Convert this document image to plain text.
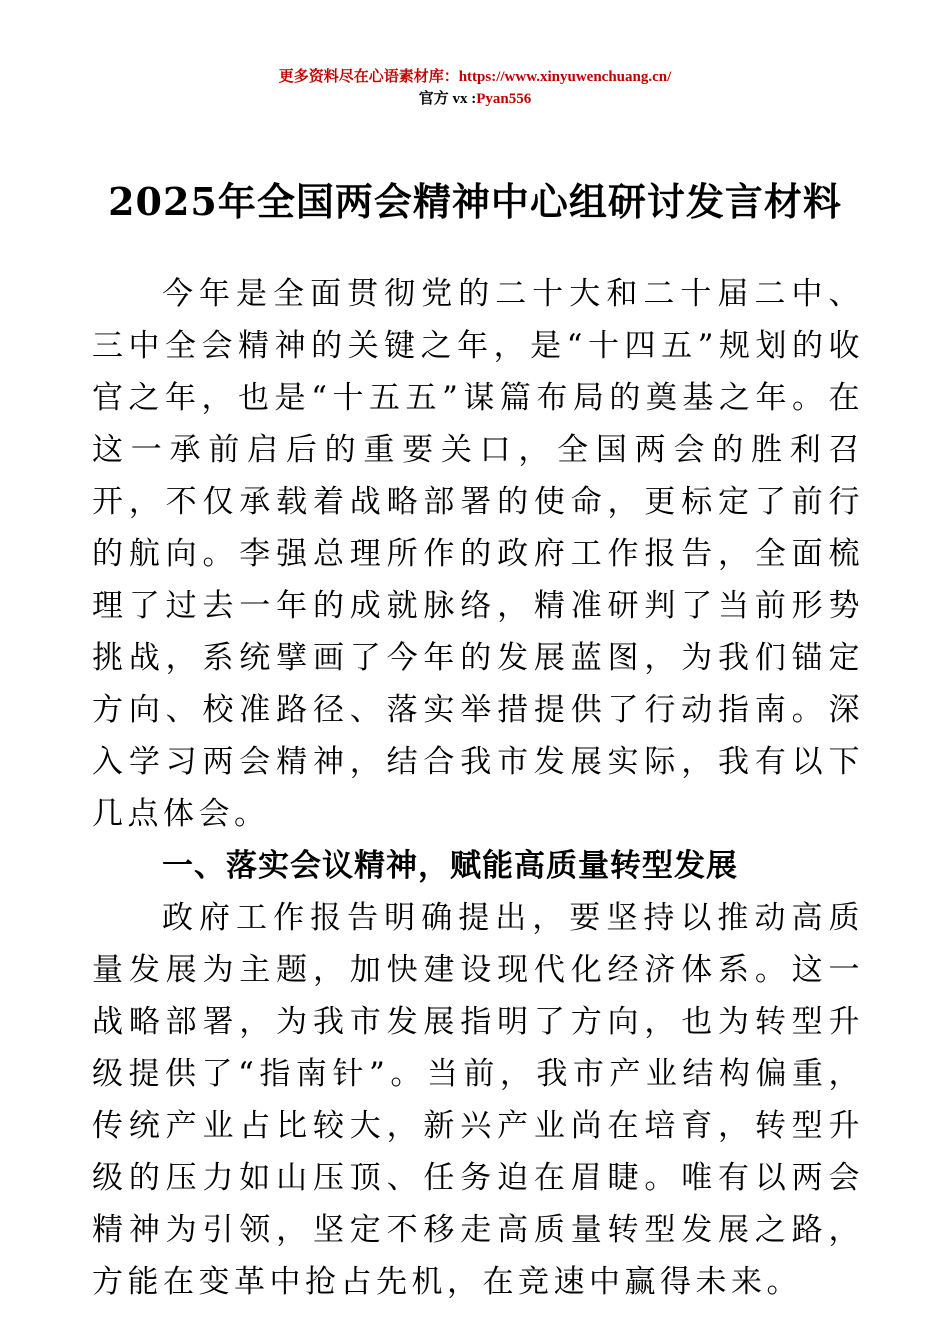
更多资料尽在心语素材库：https://www.xinyuwenchuang.cn/
官方 vx :Pyan556
2025年全国两会精神中心组研讨发言材料

今年是全面贯彻党的二十大和二十届二中、三中全会精神的关键之年，是“十四五”规划的收官之年，也是“十五五”谋篇布局的奠基之年。在这一承前启后的重要关口，全国两会的胜利召开，不仅承载着战略部署的使命，更标定了前行的航向。李强总理所作的政府工作报告，全面梳理了过去一年的成就脉络，精准研判了当前形势挑战，系统擘画了今年的发展蓝图，为我们锚定方向、校准路径、落实举措提供了行动指南。深入学习两会精神，结合我市发展实际，我有以下几点体会。

一、落实会议精神，赋能高质量转型发展

政府工作报告明确提出，要坚持以推动高质量发展为主题，加快建设现代化经济体系。这一战略部署，为我市发展指明了方向，也为转型升级提供了“指南针”。当前，我市产业结构偏重，传统产业占比较大，新兴产业尚在培育，转型升级的压力如山压顶、任务迫在眉睫。唯有以两会精神为引领，坚定不移走高质量转型发展之路，方能在变革中抢占先机，在竞速中赢得未来。
